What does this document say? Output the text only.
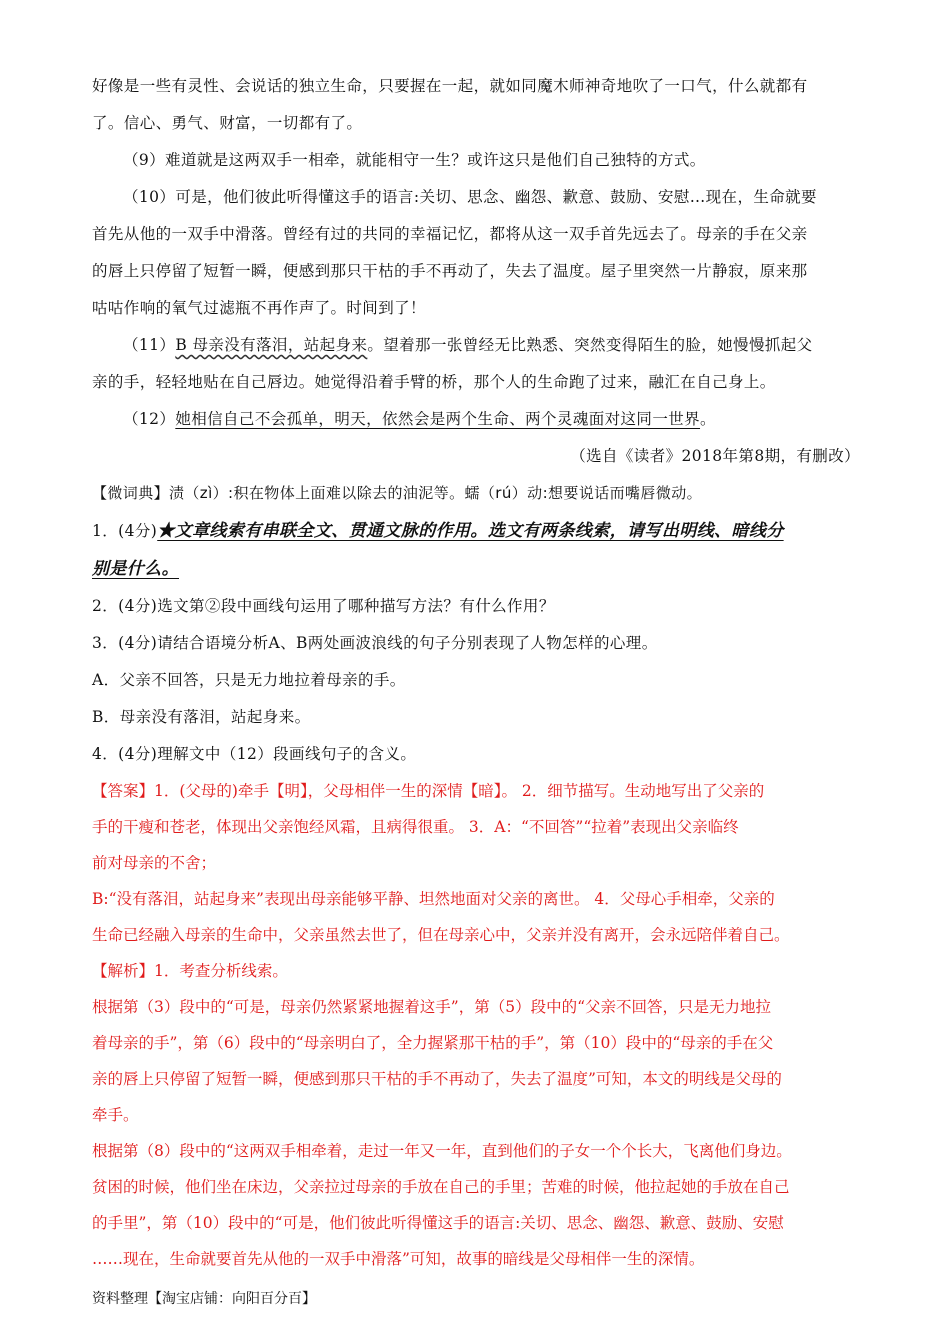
好像是一些有灵性、会说话的独立生命，只要握在一起，就如同魔木师神奇地吹了一口气，什么就都有
了。信心、勇气、财富，一切都有了。
（9）难道就是这两双手一相牵，就能相守一生？或许这只是他们自己独特的方式。
（10）可是，他们彼此听得懂这手的语言:关切、思念、幽怨、歉意、鼓励、安慰…现在，生命就要
首先从他的一双手中滑落。曾经有过的共同的幸福记忆，都将从这一双手首先远去了。母亲的手在父亲
的唇上只停留了短暂一瞬，便感到那只干枯的手不再动了，失去了温度。屋子里突然一片静寂，原来那
咕咕作响的氧气过滤瓶不再作声了。时间到了！
（11）B 母亲没有落泪，站起身来。望着那一张曾经无比熟悉、突然变得陌生的脸，她慢慢抓起父
亲的手，轻轻地贴在自己唇边。她觉得沿着手臂的桥，那个人的生命跑了过来，融汇在自己身上。
（12）她相信自己不会孤单，明天，依然会是两个生命、两个灵魂面对这同一世界。
（选自《读者》2018年第8期，有删改）
【微词典】渍（zì）:积在物体上面难以除去的油泥等。蠕（rú）动:想要说话而嘴唇微动。
1．(4分)★文章线索有串联全文、贯通文脉的作用。选文有两条线索，请写出明线、暗线分
别是什么。
2．(4分)选文第②段中画线句运用了哪种描写方法？有什么作用？
3．(4分)请结合语境分析A、B两处画波浪线的句子分别表现了人物怎样的心理。
A．父亲不回答，只是无力地拉着母亲的手。
B．母亲没有落泪，站起身来。
4．(4分)理解文中（12）段画线句子的含义。
【答案】1．(父母的)牵手【明】，父母相伴一生的深情【暗】。 2．细节描写。生动地写出了父亲的
手的干瘦和苍老，体现出父亲饱经风霜，且病得很重。 3．A：“不回答”“拉着”表现出父亲临终
前对母亲的不舍；
B:“没有落泪，站起身来”表现出母亲能够平静、坦然地面对父亲的离世。 4．父母心手相牵，父亲的
生命已经融入母亲的生命中，父亲虽然去世了，但在母亲心中，父亲并没有离开，会永远陪伴着自己。
【解析】1．考查分析线索。
根据第（3）段中的“可是，母亲仍然紧紧地握着这手”，第（5）段中的“父亲不回答，只是无力地拉
着母亲的手”，第（6）段中的“母亲明白了，全力握紧那干枯的手”，第（10）段中的“母亲的手在父
亲的唇上只停留了短暂一瞬，便感到那只干枯的手不再动了，失去了温度”可知，本文的明线是父母的
牵手。
根据第（8）段中的“这两双手相牵着，走过一年又一年，直到他们的子女一个个长大，飞离他们身边。
贫困的时候，他们坐在床边，父亲拉过母亲的手放在自己的手里；苦难的时候，他拉起她的手放在自己
的手里”，第（10）段中的“可是，他们彼此听得懂这手的语言:关切、思念、幽怨、歉意、鼓励、安慰
……现在，生命就要首先从他的一双手中滑落”可知，故事的暗线是父母相伴一生的深情。
资料整理【淘宝店铺：向阳百分百】
